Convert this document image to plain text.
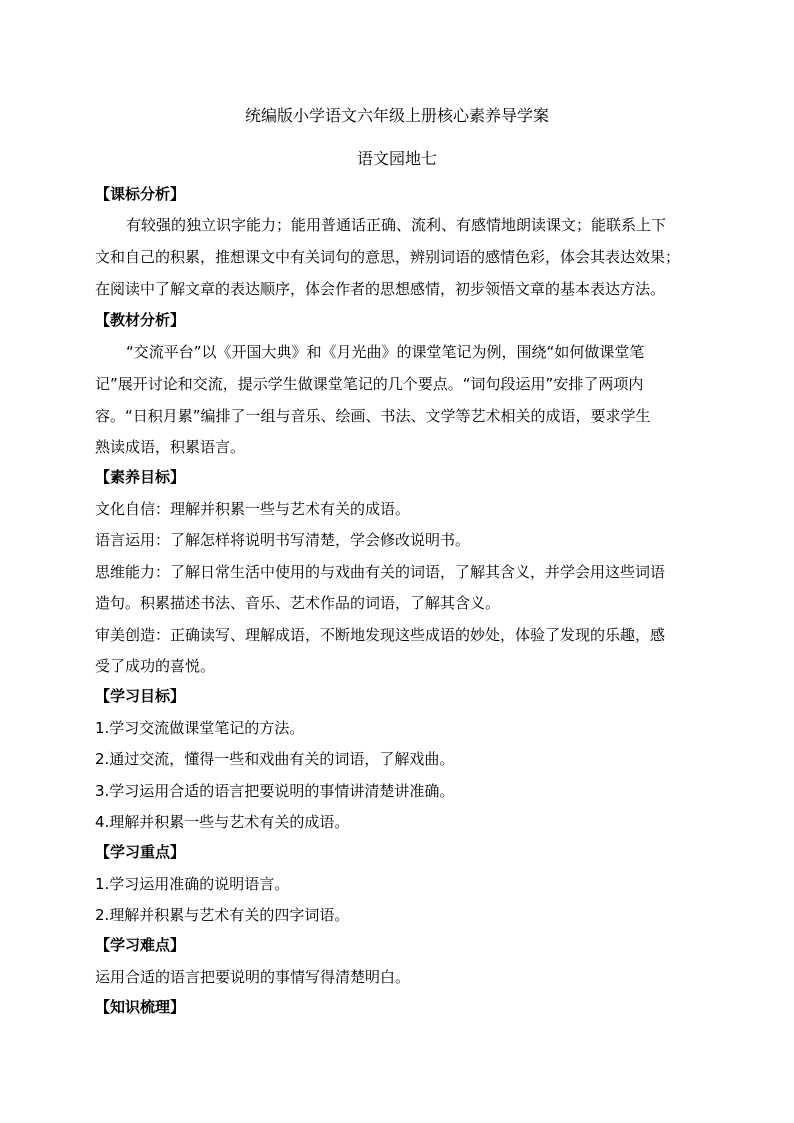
统编版小学语文六年级上册核心素养导学案
语文园地七
【课标分析】
有较强的独立识字能力；能用普通话正确、流利、有感情地朗读课文；能联系上下
文和自己的积累，推想课文中有关词句的意思，辨别词语的感情色彩，体会其表达效果；
在阅读中了解文章的表达顺序，体会作者的思想感情，初步领悟文章的基本表达方法。
【教材分析】
“交流平台”以《开国大典》和《月光曲》的课堂笔记为例，围绕“如何做课堂笔
记”展开讨论和交流，提示学生做课堂笔记的几个要点。“词句段运用”安排了两项内
容。“日积月累”编排了一组与音乐、绘画、书法、文学等艺术相关的成语，要求学生
熟读成语，积累语言。
【素养目标】
文化自信：理解并积累一些与艺术有关的成语。
语言运用：了解怎样将说明书写清楚，学会修改说明书。
思维能力：了解日常生活中使用的与戏曲有关的词语，了解其含义，并学会用这些词语
造句。积累描述书法、音乐、艺术作品的词语，了解其含义。
审美创造：正确读写、理解成语，不断地发现这些成语的妙处，体验了发现的乐趣，感
受了成功的喜悦。
【学习目标】
1.学习交流做课堂笔记的方法。
2.通过交流，懂得一些和戏曲有关的词语，了解戏曲。
3.学习运用合适的语言把要说明的事情讲清楚讲准确。
4.理解并积累一些与艺术有关的成语。
【学习重点】
1.学习运用准确的说明语言。
2.理解并积累与艺术有关的四字词语。
【学习难点】
运用合适的语言把要说明的事情写得清楚明白。
【知识梳理】
